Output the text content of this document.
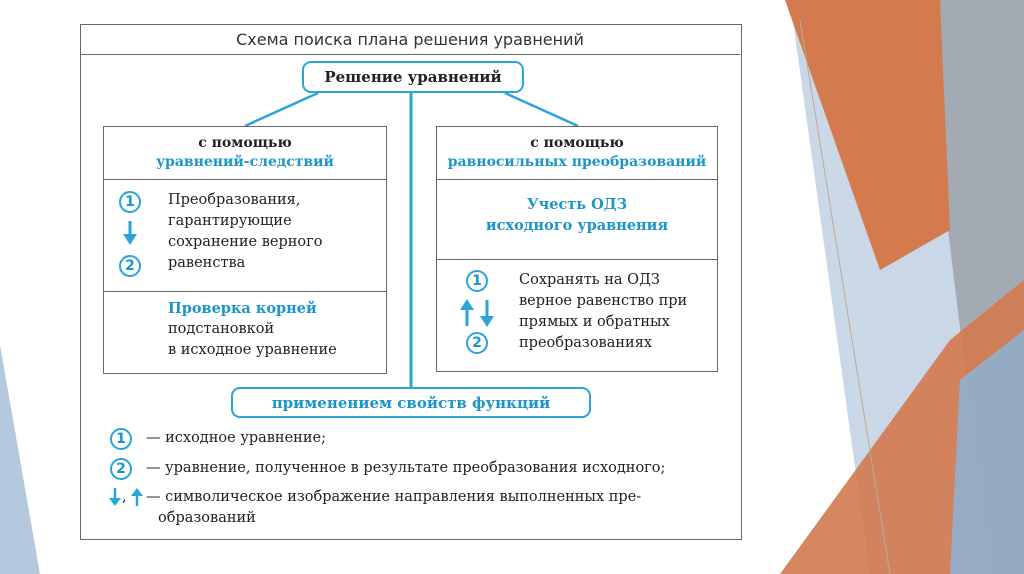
Схема поиска плана решения уравнений
Решение уравнений
с помощью
уравнений-следствий
1
2
Преобразования,
гарантирующие
сохранение верного
равенства
Проверка корней
подстановкой
в исходное уравнение
с помощью
равносильных преобразований
Учесть ОДЗ
исходного уравнения
1
2
Сохранять на ОДЗ
верное равенство при
прямых и обратных
преобразованиях
применением свойств функций
1	— исходное уравнение;
2	— уравнение, полученное в результате преобразования исходного;
, — символическое изображение направления выполненных пре-
образований
